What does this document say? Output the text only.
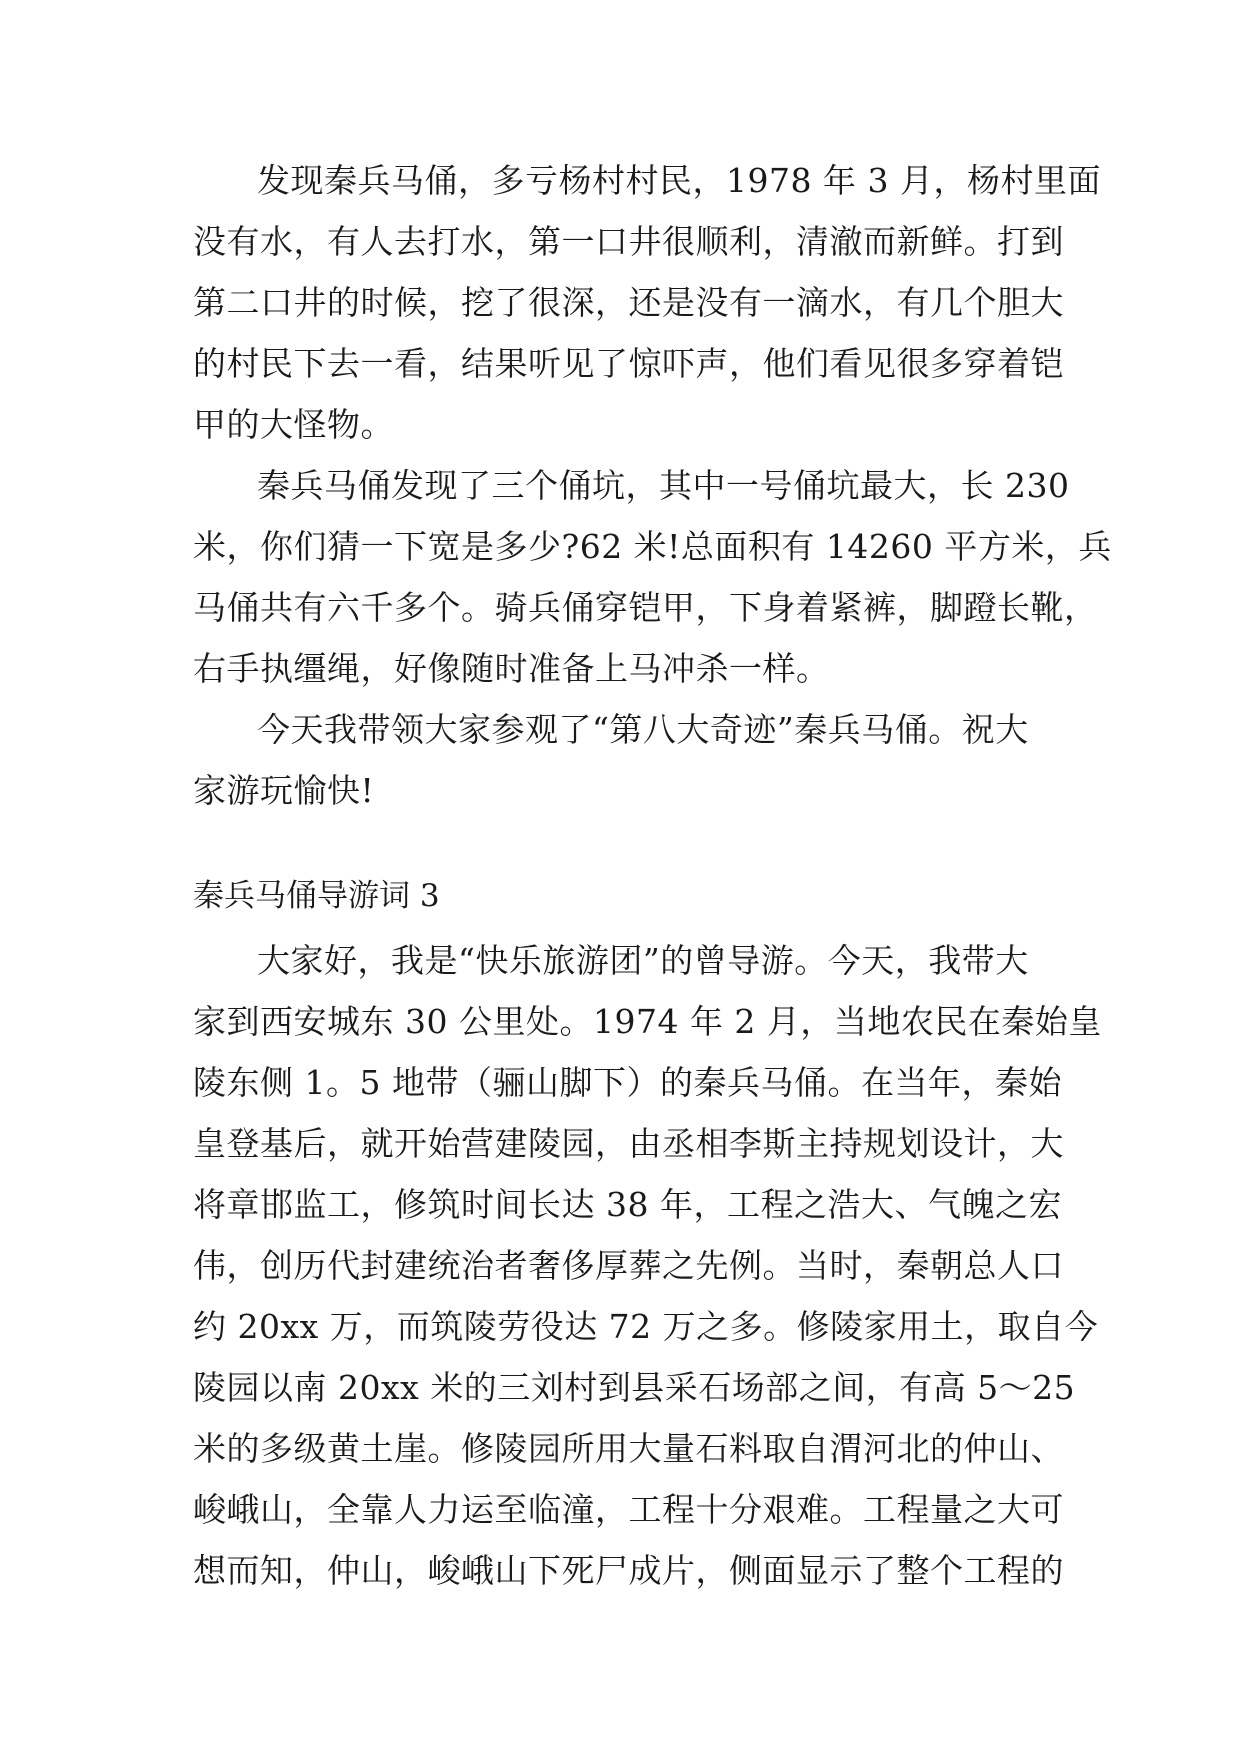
发现秦兵马俑，多亏杨村村民，1978 年 3 月，杨村里面
没有水，有人去打水，第一口井很顺利，清澈而新鲜。打到
第二口井的时候，挖了很深，还是没有一滴水，有几个胆大
的村民下去一看，结果听见了惊吓声，他们看见很多穿着铠
甲的大怪物。
秦兵马俑发现了三个俑坑，其中一号俑坑最大，长 230
米，你们猜一下宽是多少?62 米!总面积有 14260 平方米，兵
马俑共有六千多个。骑兵俑穿铠甲，下身着紧裤，脚蹬长靴，
右手执缰绳，好像随时准备上马冲杀一样。
今天我带领大家参观了“第八大奇迹”秦兵马俑。祝大
家游玩愉快!
秦兵马俑导游词 3
大家好，我是“快乐旅游团”的曾导游。今天，我带大
家到西安城东 30 公里处。1974 年 2 月，当地农民在秦始皇
陵东侧 1。5 地带（骊山脚下）的秦兵马俑。在当年，秦始
皇登基后，就开始营建陵园，由丞相李斯主持规划设计，大
将章邯监工，修筑时间长达 38 年，工程之浩大、气魄之宏
伟，创历代封建统治者奢侈厚葬之先例。当时，秦朝总人口
约 20xx 万，而筑陵劳役达 72 万之多。修陵家用土，取自今
陵园以南 20xx 米的三刘村到县采石场部之间，有高 5～25
米的多级黄土崖。修陵园所用大量石料取自渭河北的仲山、
峻峨山，全靠人力运至临潼，工程十分艰难。工程量之大可
想而知，仲山，峻峨山下死尸成片，侧面显示了整个工程的
